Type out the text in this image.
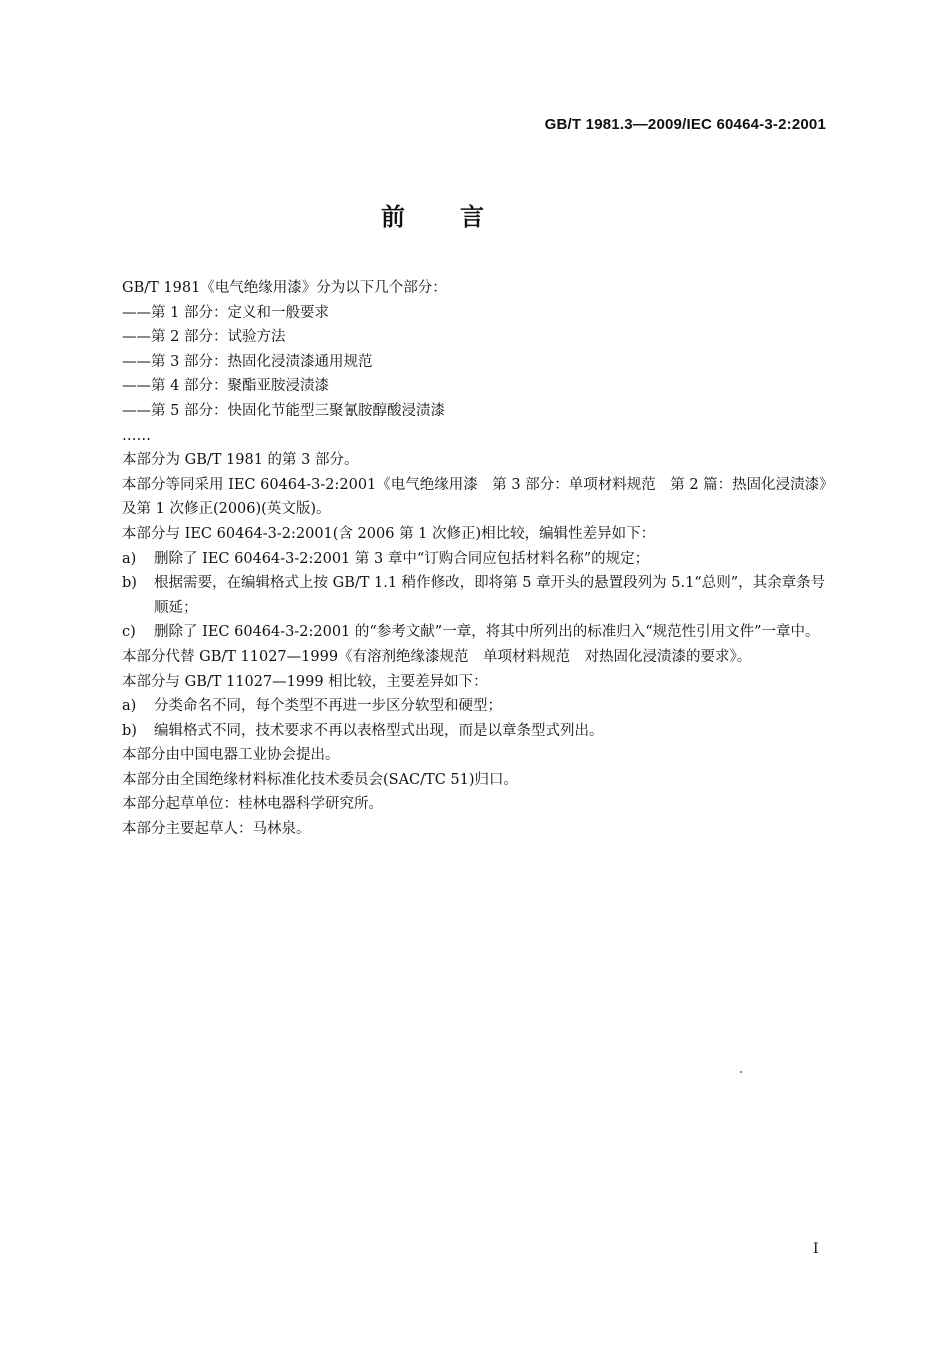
GB/T 1981.3—2009/IEC 60464-3-2:2001
前言
GB/T 1981《电气绝缘用漆》分为以下几个部分：
——第 1 部分：定义和一般要求
——第 2 部分：试验方法
——第 3 部分：热固化浸渍漆通用规范
——第 4 部分：聚酯亚胺浸渍漆
——第 5 部分：快固化节能型三聚氰胺醇酸浸渍漆
……
本部分为 GB/T 1981 的第 3 部分。
本部分等同采用 IEC 60464-3-2:2001《电气绝缘用漆　第 3 部分：单项材料规范　第 2 篇：热固化浸渍漆》及第 1 次修正(2006)(英文版)。
本部分与 IEC 60464-3-2:2001(含 2006 第 1 次修正)相比较，编辑性差异如下：
a)	删除了 IEC 60464-3-2:2001 第 3 章中“订购合同应包括材料名称”的规定；
b)	根据需要，在编辑格式上按 GB/T 1.1 稍作修改，即将第 5 章开头的悬置段列为 5.1“总则”，其余章条号顺延；
c)	删除了 IEC 60464-3-2:2001 的“参考文献”一章，将其中所列出的标准归入“规范性引用文件”一章中。
本部分代替 GB/T 11027—1999《有溶剂绝缘漆规范　单项材料规范　对热固化浸渍漆的要求》。
本部分与 GB/T 11027—1999 相比较，主要差异如下：
a)	分类命名不同，每个类型不再进一步区分软型和硬型；
b)	编辑格式不同，技术要求不再以表格型式出现，而是以章条型式列出。
本部分由中国电器工业协会提出。
本部分由全国绝缘材料标准化技术委员会(SAC/TC 51)归口。
本部分起草单位：桂林电器科学研究所。
本部分主要起草人：马林泉。
I
